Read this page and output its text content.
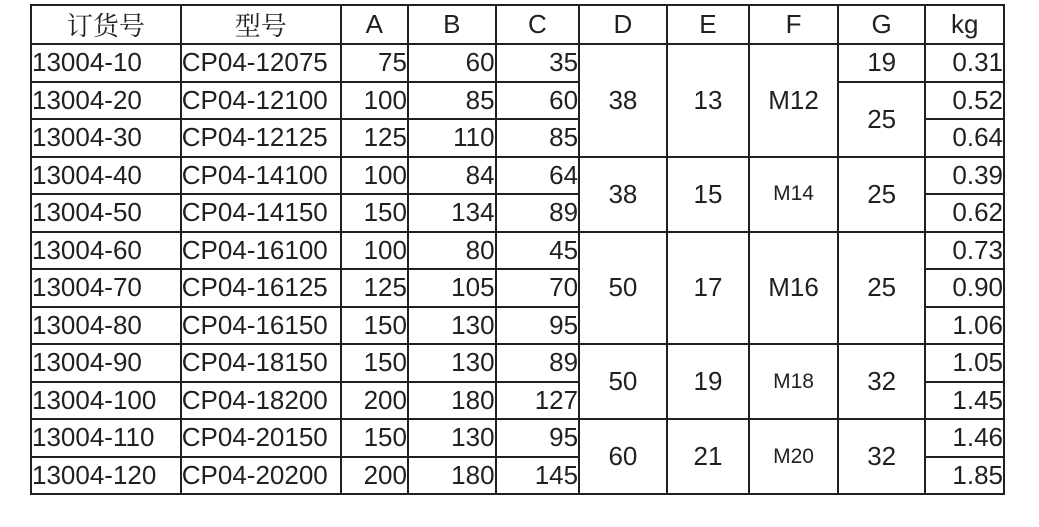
订货号	型号	A	B	C	D	E	F	G	kg
13004-10	CP04-12075	75	60	35	38	13	M12	19	0.31
13004-20	CP04-12100	100	85	60				25	0.52
13004-30	CP04-12125	125	110	85					0.64
13004-40	CP04-14100	100	84	64	38	15	M14	25	0.39
13004-50	CP04-14150	150	134	89					0.62
13004-60	CP04-16100	100	80	45	50	17	M16	25	0.73
13004-70	CP04-16125	125	105	70					0.90
13004-80	CP04-16150	150	130	95					1.06
13004-90	CP04-18150	150	130	89	50	19	M18	32	1.05
13004-100	CP04-18200	200	180	127					1.45
13004-110	CP04-20150	150	130	95	60	21	M20	32	1.46
13004-120	CP04-20200	200	180	145					1.85
